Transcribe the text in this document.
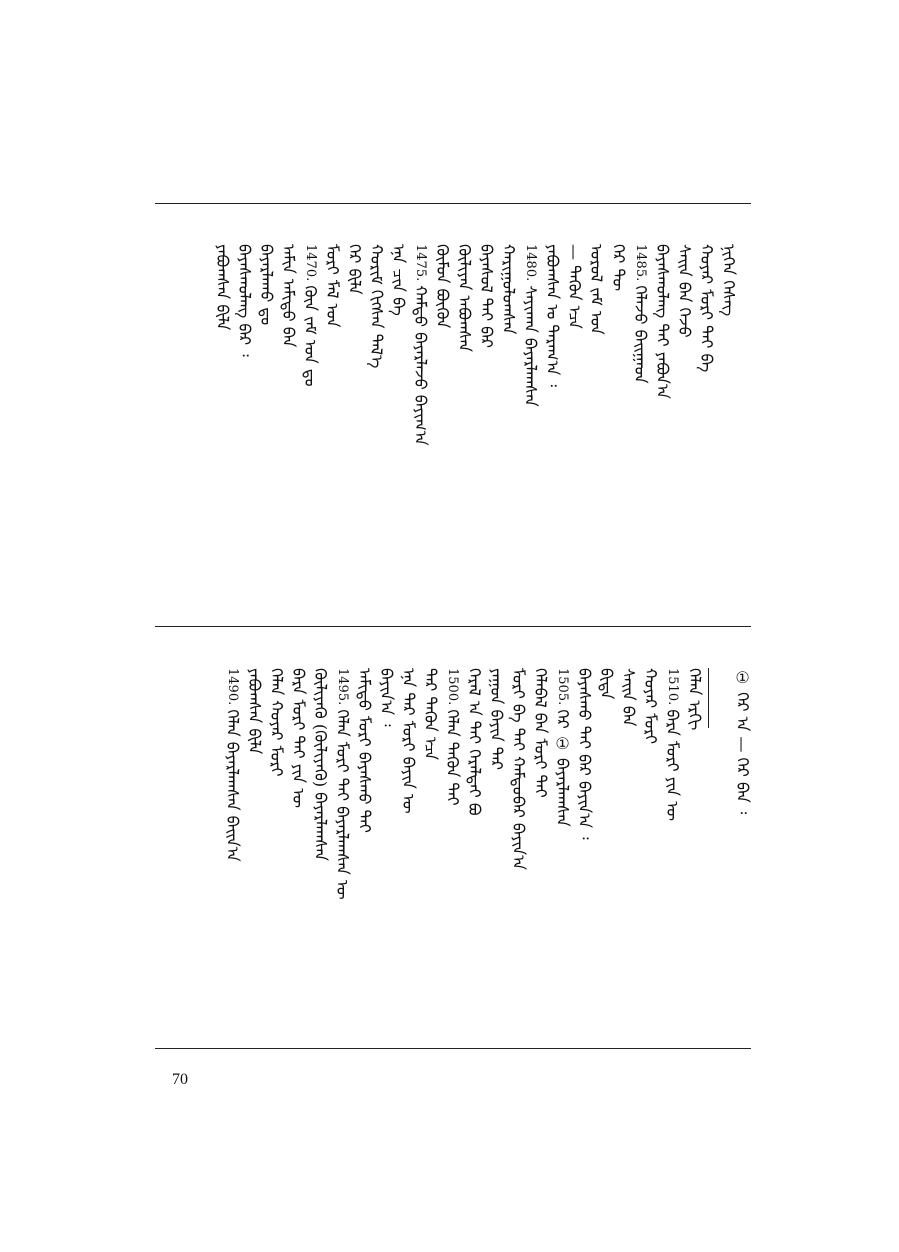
ᠨᠢᠭᠡᠨ ᠬᠡᠰᠡᠭ
ᠬᠣᠶᠠᠷ ᠮᠣᠷᠢ ᠲᠠᠢ ᠪᠠ
ᠰᠠᠢᠨ ᠪᠠᠨ ᠭᠡᠵᠦ
ᠪᠠᠶᠠᠰᠬᠤᠯᠠᠩ ᠲᠠᠢ ᠶᠠᠪᠤᠨ᠎ᠠ
1485. ᠬᠡᠯᠡᠵᠦ ᠪᠠᠢᠭᠠᠳ
ᠭᠡᠷ ᠲᠦ
ᠣᠷᠣᠯ ᠵᠠᠮ ᠤᠨ
— ᠲᠡᠭᠦᠨ ᠡᠴᠡ
ᠶᠠᠪᠤᠭᠰᠠᠨ ᠤ ᠳᠠᠷᠠᠭ᠎ᠠ ᠄
1480. ᠰᠠᠶᠢᠬᠠᠨ ᠪᠠᠶᠠᠷᠯᠠᠭᠰᠠᠨ
ᠬᠠᠷᠢᠭᠤᠯᠤᠭᠰᠠᠨ
ᠪᠠᠶᠠᠰᠤᠯ ᠲᠠᠢ ᠪᠠᠷ
ᠬᠦᠯᠢᠶᠡᠨ ᠠᠪᠤᠭᠰᠠᠨ
ᠬᠦᠮᠦᠨ ᠪᠦᠬᠦᠨ
1475. ᠬᠠᠮᠲᠤ ᠪᠠᠶᠠᠷᠯᠠᠵᠤ ᠪᠠᠶᠢᠭ᠎ᠠ
ᠡᠨᠡ ᠴᠢᠨ ᠪᠠ
ᠬᠣᠷᠢᠮ ᠬᠢᠭᠰᠡᠨ ᠲᠡᠯ᠎ᠡ
ᠭᠡᠷ ᠪᠢᠯᠡ
ᠮᠣᠷᠢ ᠮᠠᠯ ᠤᠨ
1470. ᠬᠦᠨ ᠵᠠᠮ ᠤᠨ ᠳᠤ
ᠠᠮᠢᠨ ᠠᠮᠢᠳᠤ ᠪᠡᠨ
ᠪᠠᠶᠠᠷᠯᠠᠬᠤ ᠳᠤ
ᠪᠠᠶᠠᠰᠬᠤᠯᠠᠩ ᠪᠡᠷ ᠄
ᠶᠠᠪᠤᠭᠰᠠᠨ ᠪᠢᠯᠡ
ᠬᠡᠯᠡᠨ ᠡᠷᠭᠢ
1510. ᠪᠠᠷᠠ ᠮᠣᠷᠢ ᠶᠢᠨ ᠦ
ᠬᠣᠶᠠᠷ ᠮᠣᠷᠢ
ᠰᠠᠢᠨ ᠪᠠᠨ
ᠪᠢᠳᠡ
ᠪᠠᠶᠠᠰᠬᠤ ᠲᠠᠢ ᠪᠡᠷ ᠪᠠᠶᠢᠨ᠎ᠠ ᠄
1505. ᠭᠡᠷ ① ᠪᠠᠶᠠᠷᠯᠠᠭᠰᠠᠨ
ᠬᠡᠯᠡᠪᠡᠯ ᠪᠠᠨ ᠮᠣᠷᠢ ᠲᠠᠢ
ᠮᠣᠷᠢ ᠪᠡ ᠲᠠᠢ ᠬᠠᠮᠲᠤᠪᠠᠷ ᠪᠠᠶᠢᠨ᠎ᠠ
ᠶᠠᠭᠤᠨ ᠪᠠᠶᠢᠨ ᠲᠡᠷ
ᠭᠡᠷᠡᠯ ᠡᠨ ᠲᠠᠢ ᠭᠡᠷᠡᠯᠲᠡᠢ ᠪᠤ
1500. ᠬᠡᠯᠡᠨ ᠲᠡᠭᠦᠨ ᠲᠠᠢ
ᠲᠡᠷ ᠲᠡᠭᠦᠨ ᠡᠴᠡ
ᠡᠨᠡ ᠲᠡᠷ ᠮᠣᠷᠢ ᠪᠠᠶᠢᠨ ᠦ
ᠪᠠᠶᠢᠨ᠎ᠠ ᠄
ᠠᠮᠢᠲᠤ ᠮᠣᠷᠢ ᠪᠠᠶᠠᠰᠬᠤ ᠲᠠᠢ
1495. ᠬᠡᠯᠡᠨ ᠮᠣᠷᠢ ᠲᠠᠢ ᠪᠠᠶᠠᠷᠯᠠᠭᠰᠠᠨ ᠦ
ᠬᠦᠯᠢᠶᠡᠬᠦ (ᠬᠦᠯᠢᠶᠡᠬᠦ) ᠪᠠᠶᠠᠷᠯᠠᠭᠰᠠᠨ
ᠪᠠᠷᠠ ᠮᠣᠷᠢ ᠲᠠᠢ ᠶᠢᠨ ᠦ
ᠬᠡᠯᠡᠨ ᠬᠣᠶᠠᠷ ᠮᠣᠷᠢ
ᠶᠠᠪᠤᠭᠰᠠᠨ ᠪᠢᠯᠡ
1490. ᠬᠡᠯᠡᠨ ᠪᠠᠶᠠᠷᠯᠠᠭᠰᠠᠨ ᠪᠠᠢᠨ᠎ᠠ
① ᠭᠡᠷ ᠡᠨ — ᠭᠡᠷ ᠪᠠᠨ ᠄
70
